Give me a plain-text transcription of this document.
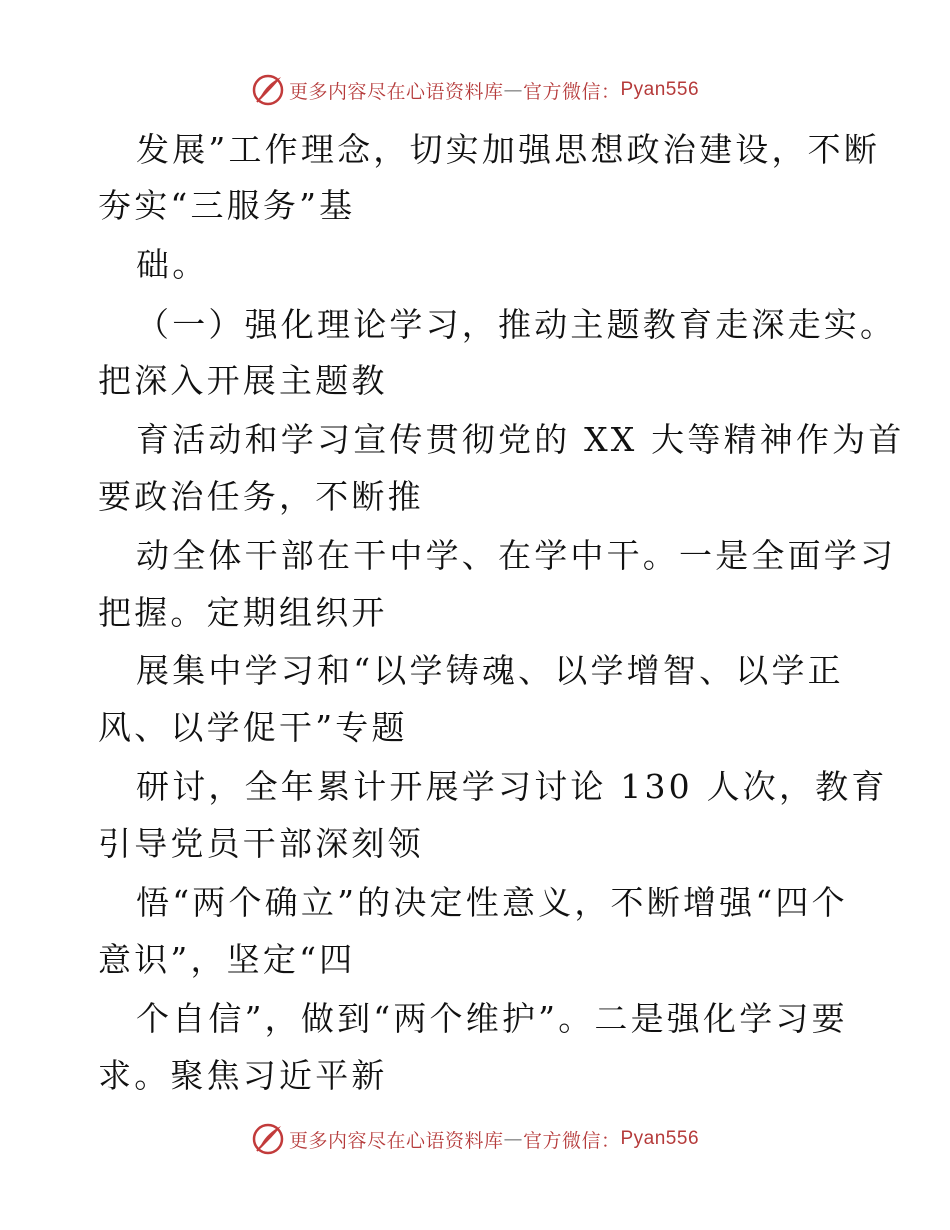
更多内容尽在心语资料库 — 官方微信： Pyan556
发展”工作理念，切实加强思想政治建设，不断
夯实“三服务”基
础。
（一）强化理论学习，推动主题教育走深走实。
把深入开展主题教
育活动和学习宣传贯彻党的 XX 大等精神作为首
要政治任务，不断推
动全体干部在干中学、在学中干。一是全面学习
把握。定期组织开
展集中学习和“以学铸魂、以学增智、以学正
风、以学促干”专题
研讨，全年累计开展学习讨论 130 人次，教育
引导党员干部深刻领
悟“两个确立”的决定性意义，不断增强“四个
意识”，坚定“四
个自信”，做到“两个维护”。二是强化学习要
求。聚焦习近平新
更多内容尽在心语资料库 — 官方微信： Pyan556
